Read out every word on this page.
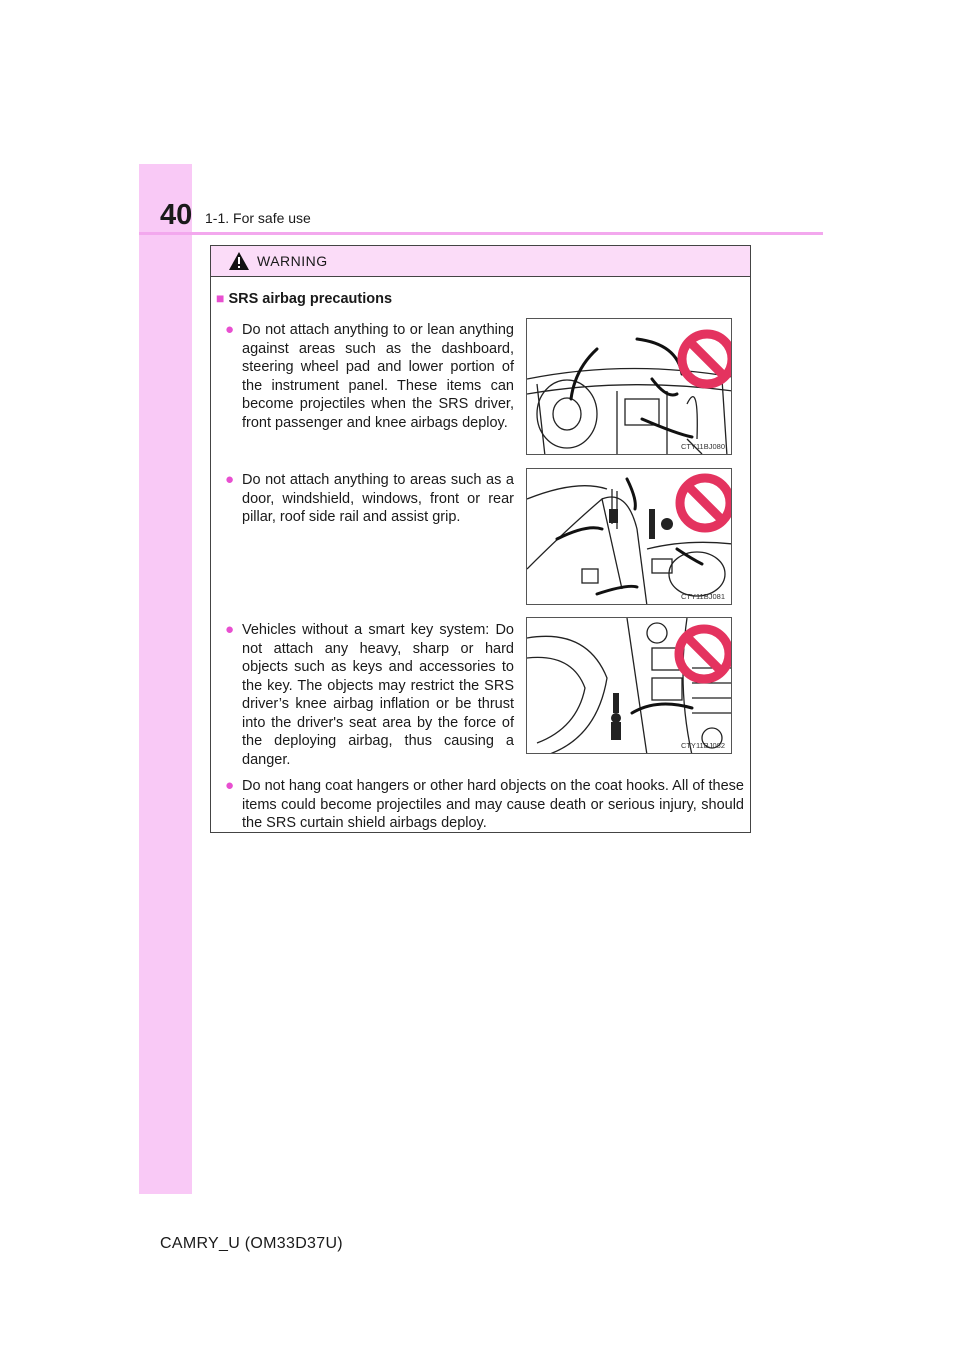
40 1-1. For safe use
WARNING
■ SRS airbag precautions
● Do not attach anything to or lean anything against areas such as the dashboard, steering wheel pad and lower portion of the instrument panel. These items can become projectiles when the SRS driver, front passenger and knee airbags deploy.
● Do not attach anything to areas such as a door, windshield, windows, front or rear pillar, roof side rail and assist grip.
● Vehicles without a smart key system: Do not attach any heavy, sharp or hard objects such as keys and accessories to the key. The objects may restrict the SRS driver’s knee airbag inflation or be thrust into the driver's seat area by the force of the deploying airbag, thus causing a danger.
● Do not hang coat hangers or other hard objects on the coat hooks. All of these items could become projectiles and may cause death or serious injury, should the SRS curtain shield airbags deploy.
CTY11BJ080
CTY11BJ081
CTY11BJ082
CAMRY_U (OM33D37U)
